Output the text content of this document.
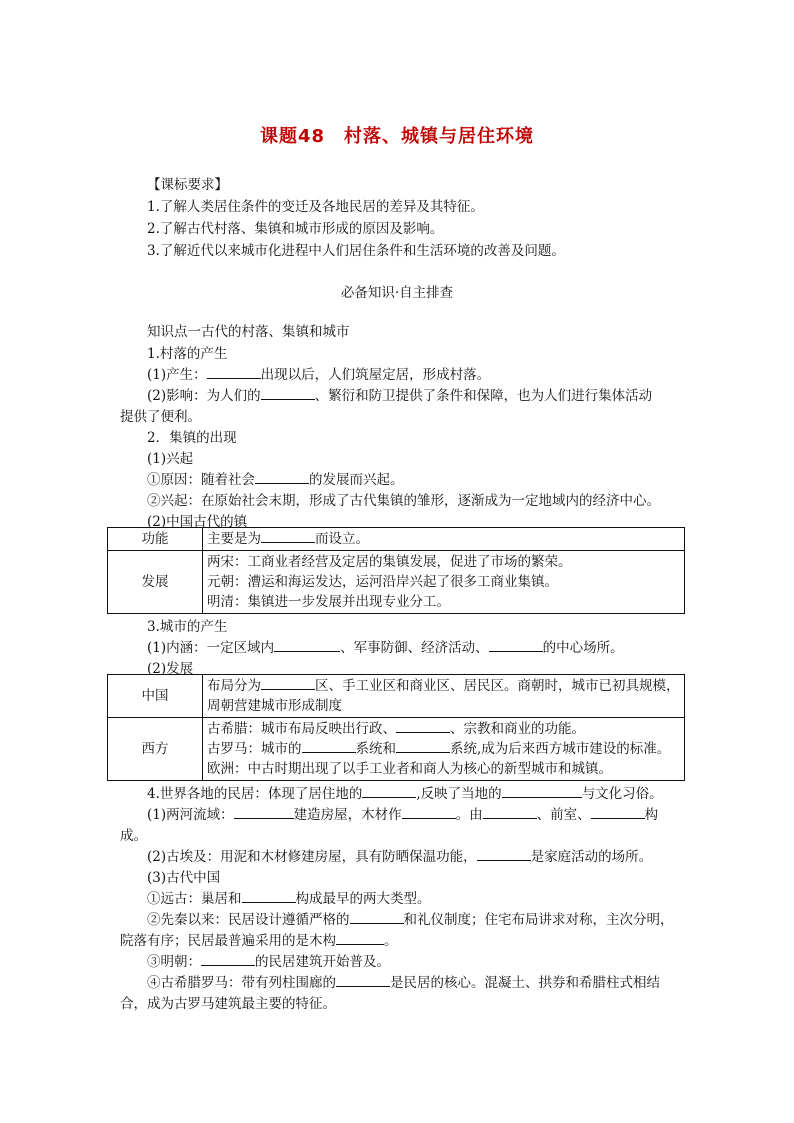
课题48　村落、城镇与居住环境
【课标要求】
1.了解人类居住条件的变迁及各地民居的差异及其特征。
2.了解古代村落、集镇和城市形成的原因及影响。
3.了解近代以来城市化进程中人们居住条件和生活环境的改善及问题。
必备知识·自主排查
知识点一古代的村落、集镇和城市
1.村落的产生
(1)产生：	出现以后，人们筑屋定居，形成村落。
(2)影响：为人们的	、繁衍和防卫提供了条件和保障，也为人们进行集体活动
提供了便利。
2．集镇的出现
(1)兴起
①原因：随着社会	的发展而兴起。
②兴起：在原始社会末期，形成了古代集镇的雏形，逐渐成为一定地域内的经济中心。
(2)中国古代的镇
功能	主要是为 而设立。
发展	两宋：工商业者经营及定居的集镇发展，促进了市场的繁荣。
元朝：漕运和海运发达，运河沿岸兴起了很多工商业集镇。
明清：集镇进一步发展并出现专业分工。
3.城市的产生
(1)内涵：一定区域内	、军事防御、经济活动、	的中心场所。
(2)发展
中国	布局分为 区、手工业区和商业区、居民区。商朝时，城市已初具规模，
周朝营建城市形成制度

西方	古希腊：城市布局反映出行政、 、宗教和商业的功能。
古罗马：城市的 系统和 系统,成为后来西方城市建设的标准。
欧洲：中古时期出现了以手工业者和商人为核心的新型城市和城镇。
4.世界各地的民居：体现了居住地的	,反映了当地的	与文化习俗。
(1)两河流域：	建造房屋，木材作	。由	、前室、	构
成。
(2)古埃及：用泥和木材修建房屋，具有防晒保温功能，	是家庭活动的场所。
(3)古代中国
①远古：巢居和	构成最早的两大类型。
②先秦以来：民居设计遵循严格的	和礼仪制度；住宅布局讲求对称，主次分明，
院落有序；民居最普遍采用的是木构	。
③明朝：	的民居建筑开始普及。
④古希腊罗马：带有列柱围廊的	是民居的核心。混凝土、拱券和希腊柱式相结
合，成为古罗马建筑最主要的特征。
